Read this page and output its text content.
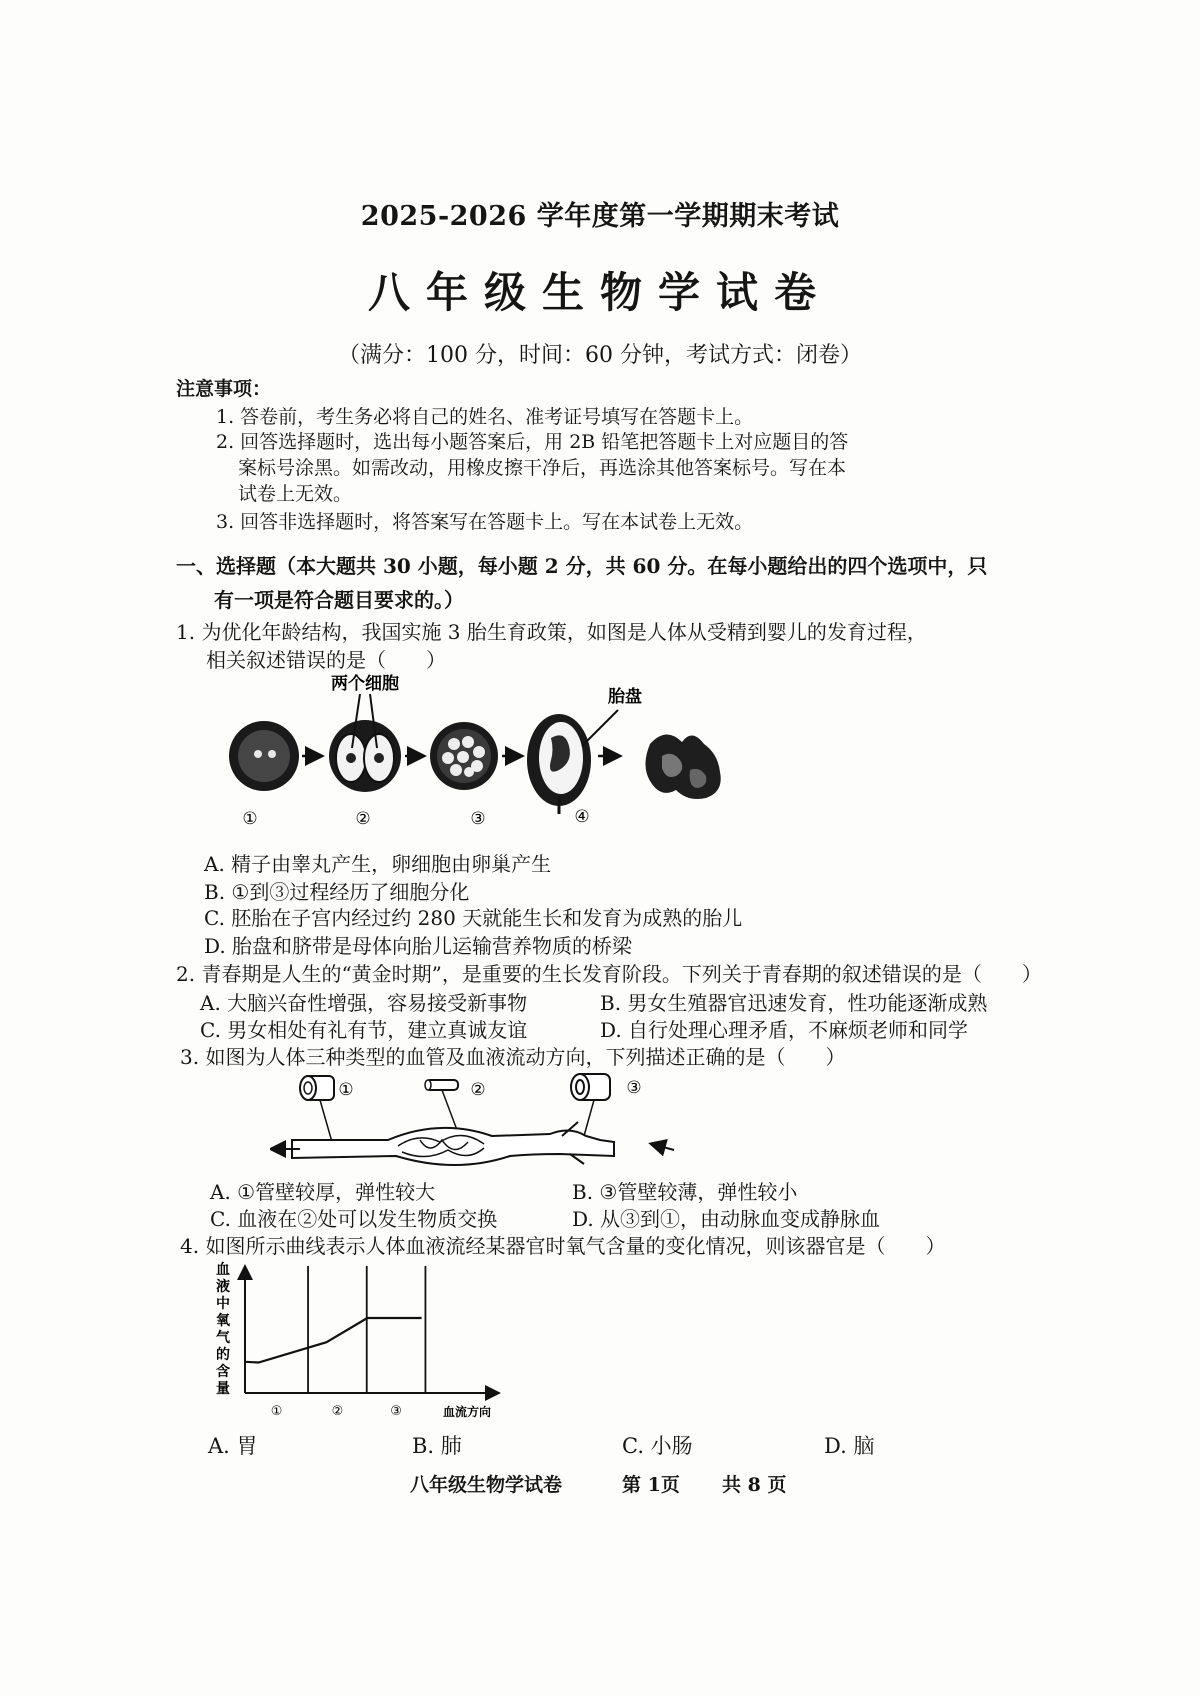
2025-2026 学年度第一学期期末考试
八年级生物学试卷
（满分：100 分，时间：60 分钟，考试方式：闭卷）
注意事项：
1. 答卷前，考生务必将自己的姓名、准考证号填写在答题卡上。
2. 回答选择题时，选出每小题答案后，用 2B 铅笔把答题卡上对应题目的答
案标号涂黑。如需改动，用橡皮擦干净后，再选涂其他答案标号。写在本
试卷上无效。
3. 回答非选择题时，将答案写在答题卡上。写在本试卷上无效。
一、选择题（本大题共 30 小题，每小题 2 分，共 60 分。在每小题给出的四个选项中，只
有一项是符合题目要求的。）
1. 为优化年龄结构，我国实施 3 胎生育政策，如图是人体从受精到婴儿的发育过程，
相关叙述错误的是（　　）
两个细胞
胎盘
①	②	③	④
A. 精子由睾丸产生，卵细胞由卵巢产生
B. ①到③过程经历了细胞分化
C. 胚胎在子宫内经过约 280 天就能生长和发育为成熟的胎儿
D. 胎盘和脐带是母体向胎儿运输营养物质的桥梁
2. 青春期是人生的“黄金时期”，是重要的生长发育阶段。下列关于青春期的叙述错误的是（　　）
A. 大脑兴奋性增强，容易接受新事物	B. 男女生殖器官迅速发育，性功能逐渐成熟
C. 男女相处有礼有节，建立真诚友谊	D. 自行处理心理矛盾，不麻烦老师和同学
3. 如图为人体三种类型的血管及血液流动方向，下列描述正确的是（　　）
①	②	③
A. ①管壁较厚，弹性较大	B. ③管壁较薄，弹性较小
C. 血液在②处可以发生物质交换	D. 从③到①，由动脉血变成静脉血
4. 如图所示曲线表示人体血液流经某器官时氧气含量的变化情况，则该器官是（　　）
血
液
中
氧
气
的
含
量
①	②	③	血流方向
A. 胃	B. 肺	C. 小肠	D. 脑
八年级生物学试卷	第 1页 共 8 页
